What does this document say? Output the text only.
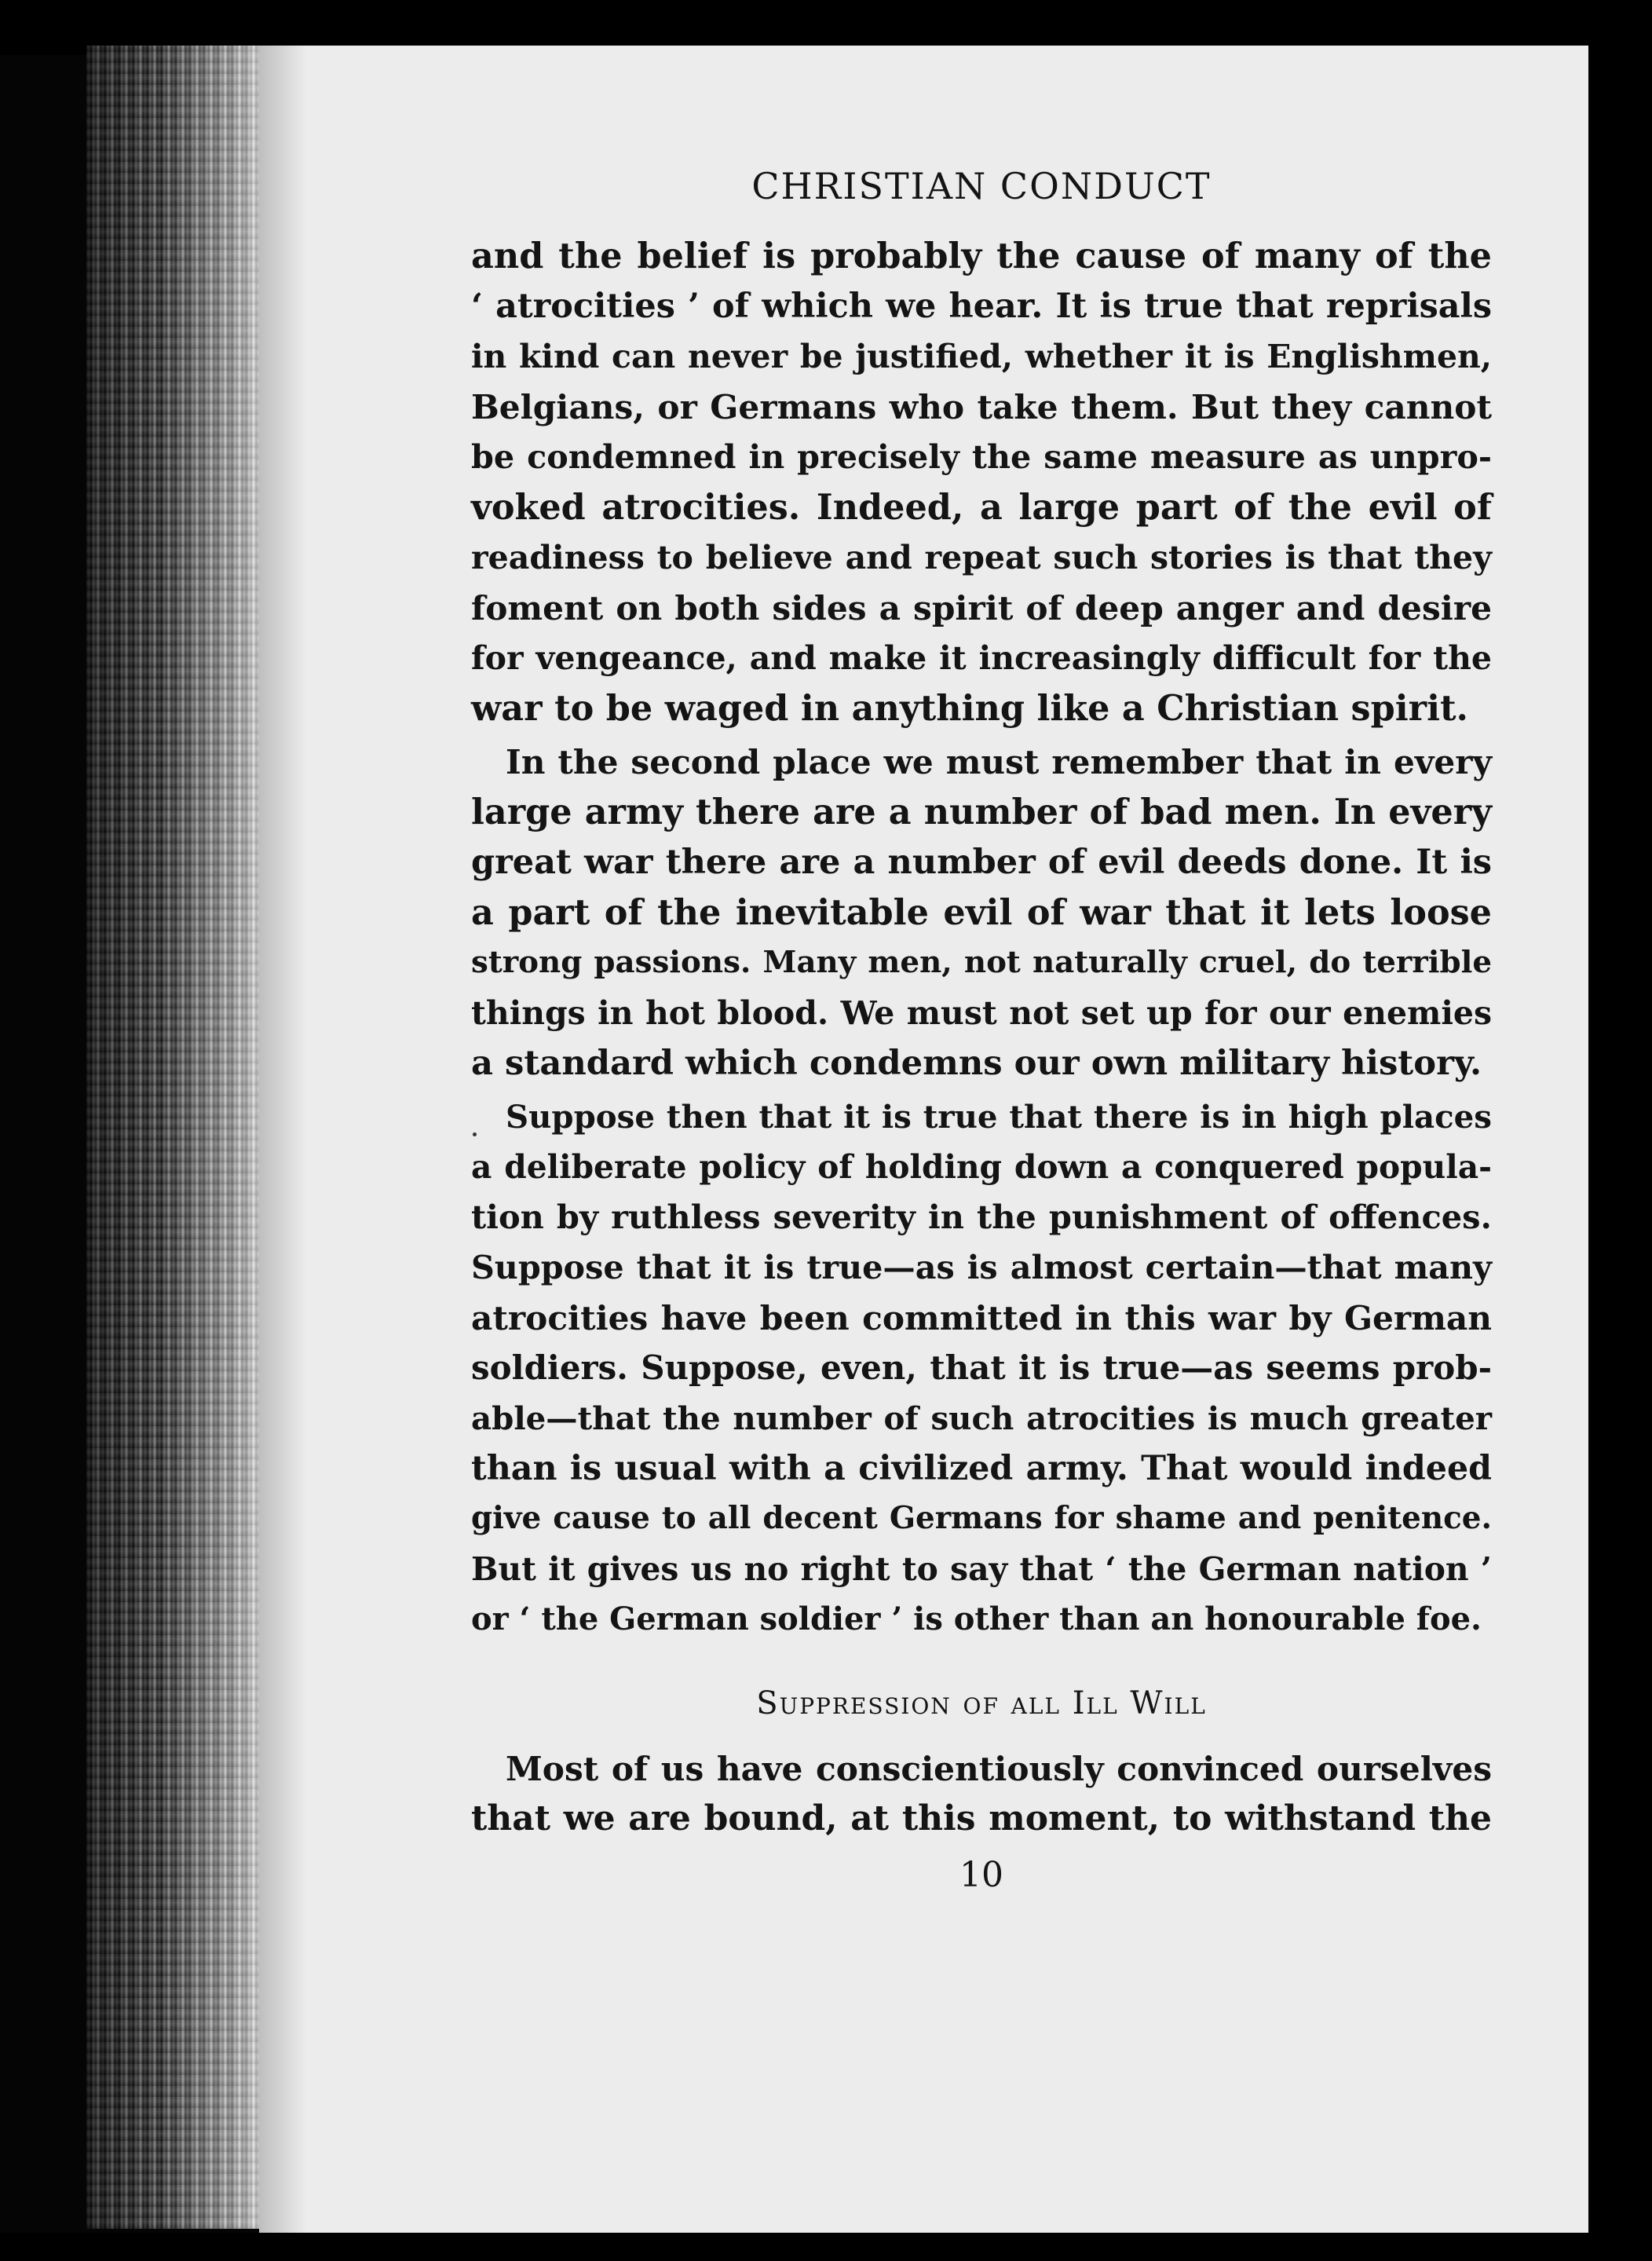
CHRISTIAN CONDUCT
and the belief is probably the cause of many of the
‘ atrocities ’ of which we hear. It is true that reprisals
in kind can never be justified, whether it is Englishmen,
Belgians, or Germans who take them. But they cannot
be condemned in precisely the same measure as unpro-
voked atrocities. Indeed, a large part of the evil of
readiness to believe and repeat such stories is that they
foment on both sides a spirit of deep anger and desire
for vengeance, and make it increasingly difficult for the
war to be waged in anything like a Christian spirit.
In the second place we must remember that in every
large army there are a number of bad men. In every
great war there are a number of evil deeds done. It is
a part of the inevitable evil of war that it lets loose
strong passions. Many men, not naturally cruel, do terrible
things in hot blood. We must not set up for our enemies
a standard which condemns our own military history.
Suppose then that it is true that there is in high places
a deliberate policy of holding down a conquered popula-
tion by ruthless severity in the punishment of offences.
Suppose that it is true—as is almost certain—that many
atrocities have been committed in this war by German
soldiers. Suppose, even, that it is true—as seems prob-
able—that the number of such atrocities is much greater
than is usual with a civilized army. That would indeed
give cause to all decent Germans for shame and penitence.
But it gives us no right to say that ‘ the German nation ’
or ‘ the German soldier ’ is other than an honourable foe.
Suppression of all Ill Will
Most of us have conscientiously convinced ourselves
that we are bound, at this moment, to withstand the
10
